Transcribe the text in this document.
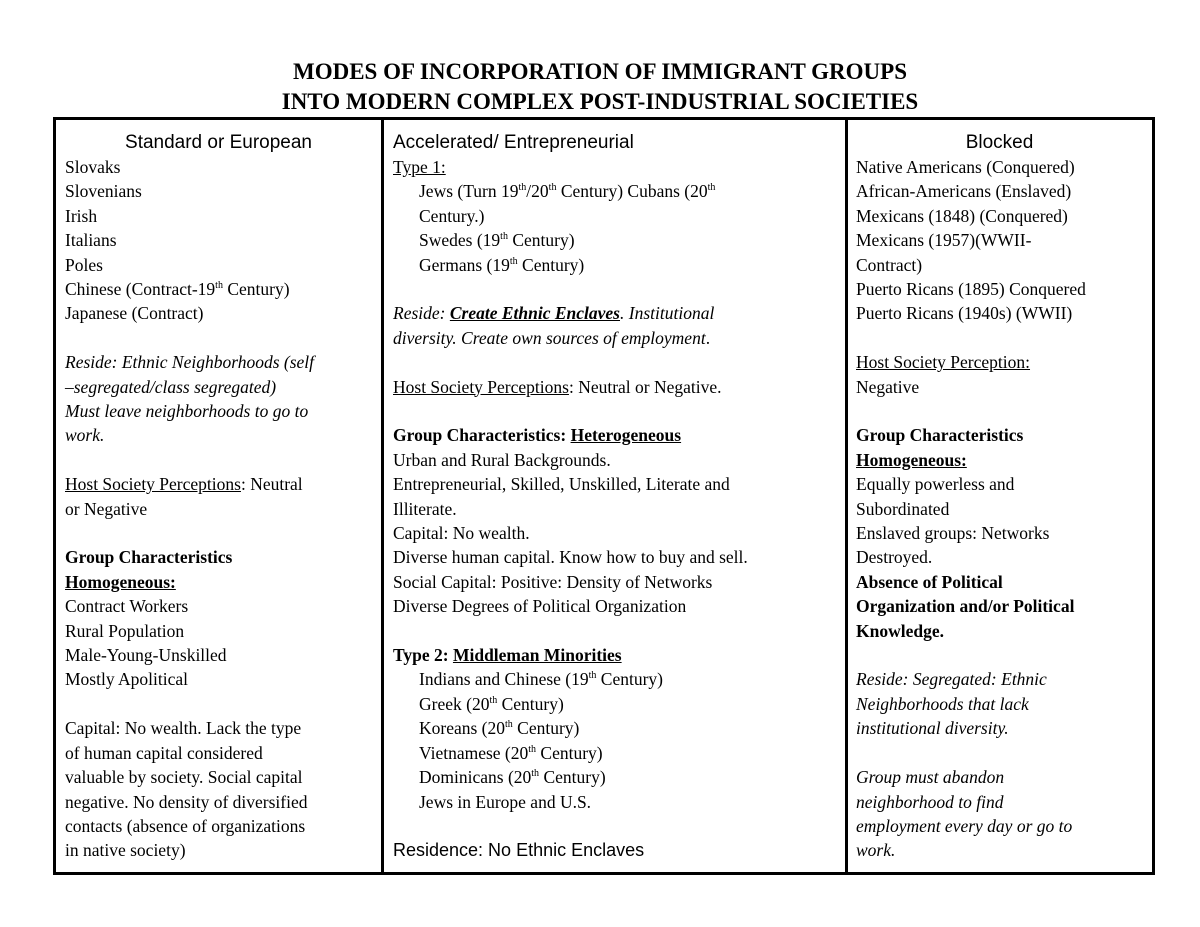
MODES OF INCORPORATION OF IMMIGRANT GROUPS
INTO MODERN COMPLEX POST-INDUSTRIAL SOCIETIES
Standard or European
Slovaks
Slovenians
Irish
Italians
Poles
Chinese (Contract-19th Century)
Japanese (Contract)
Reside: Ethnic Neighborhoods (self
–segregated/class segregated)
Must leave neighborhoods to go to
work.
Host Society Perceptions: Neutral
or Negative
Group Characteristics
Homogeneous:
Contract Workers
Rural Population
Male-Young-Unskilled
Mostly Apolitical
Capital: No wealth. Lack the type
of human capital considered
valuable by society. Social capital
negative. No density of diversified
contacts (absence of organizations
in native society)
Accelerated/ Entrepreneurial
Type 1:
Jews (Turn 19th/20th Century) Cubans (20th
Century.)
Swedes (19th Century)
Germans (19th Century)
Reside: Create Ethnic Enclaves. Institutional
diversity. Create own sources of employment.
Host Society Perceptions: Neutral or Negative.
Group Characteristics: Heterogeneous
Urban and Rural Backgrounds.
Entrepreneurial, Skilled, Unskilled, Literate and
Illiterate.
Capital: No wealth.
Diverse human capital. Know how to buy and sell.
Social Capital: Positive: Density of Networks
Diverse Degrees of Political Organization
Type 2: Middleman Minorities
Indians and Chinese (19th Century)
Greek (20th Century)
Koreans (20th Century)
Vietnamese (20th Century)
Dominicans (20th Century)
Jews in Europe and U.S.
Residence: No Ethnic Enclaves
Blocked
Native Americans (Conquered)
African-Americans (Enslaved)
Mexicans (1848) (Conquered)
Mexicans (1957)(WWII-
Contract)
Puerto Ricans (1895) Conquered
Puerto Ricans (1940s) (WWII)
Host Society Perception:
Negative
Group Characteristics
Homogeneous:
Equally powerless and
Subordinated
Enslaved groups: Networks
Destroyed.
Absence of Political
Organization and/or Political
Knowledge.
Reside: Segregated: Ethnic
Neighborhoods that lack
institutional diversity.
Group must abandon
neighborhood to find
employment every day or go to
work.
